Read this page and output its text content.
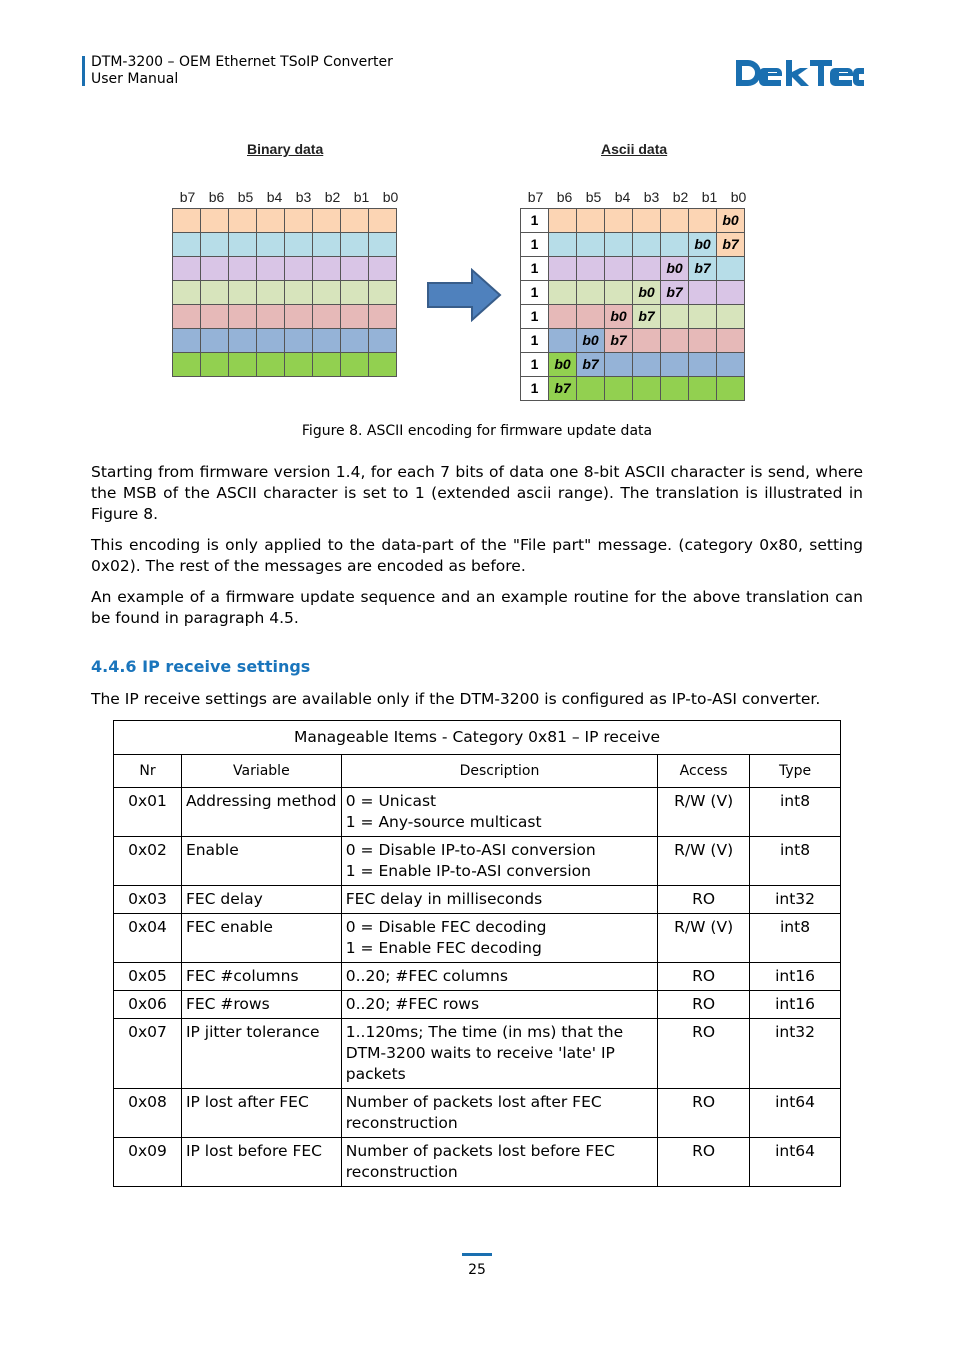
DTM-3200 – OEM Ethernet TSoIP Converter
User Manual
Binary data	Ascii data
b7 b6 b5 b4 b3 b2 b1 b0	b7 b6 b5 b4 b3 b2 b1 b0

1							b0
1						b0	b7
1					b0	b7	
1				b0	b7		
1			b0	b7			
1		b0	b7				
1	b0	b7					
1	b7						
Figure 8. ASCII encoding for firmware update data
Starting from firmware version 1.4, for each 7 bits of data one 8-bit ASCII character is send, where the MSB of the ASCII character is set to 1 (extended ascii range). The translation is illustrated in Figure 8.
This encoding is only applied to the data-part of the "File part" message. (category 0x80, setting 0x02). The rest of the messages are encoded as before.
An example of a firmware update sequence and an example routine for the above translation can be found in paragraph 4.5.
4.4.6 IP receive settings
The IP receive settings are available only if the DTM-3200 is configured as IP-to-ASI converter.
Manageable Items - Category 0x81 – IP receive				
Nr	Variable	Description	Access	Type
0x01	Addressing method	0 = Unicast
1 = Any-source multicast	R/W (V)	int8
0x02	Enable	0 = Disable IP-to-ASI conversion
1 = Enable IP-to-ASI conversion	R/W (V)	int8
0x03	FEC delay	FEC delay in milliseconds	RO	int32
0x04	FEC enable	0 = Disable FEC decoding
1 = Enable FEC decoding	R/W (V)	int8
0x05	FEC #columns	0..20; #FEC columns	RO	int16
0x06	FEC #rows	0..20; #FEC rows	RO	int16
0x07	IP jitter tolerance	1..120ms; The time (in ms) that the DTM-3200 waits to receive 'late' IP packets	RO	int32
0x08	IP lost after FEC	Number of packets lost after FEC reconstruction	RO	int64
0x09	IP lost before FEC	Number of packets lost before FEC reconstruction	RO	int64
25
